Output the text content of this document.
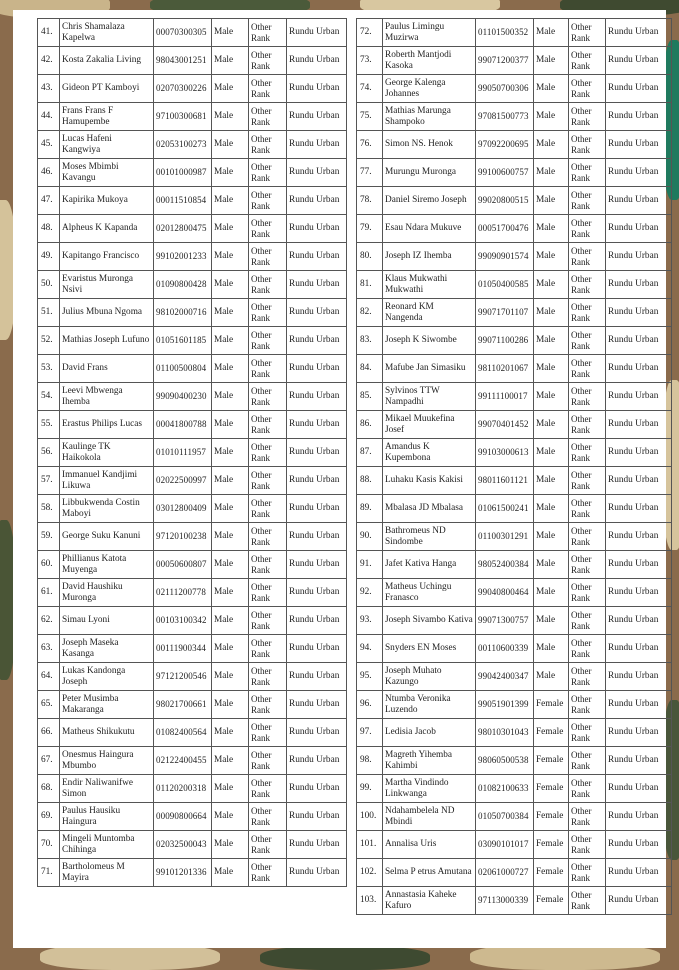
41.	Chris Shamalaza Kapelwa	00070300305	Male	Other Rank	Rundu Urban
42.	Kosta Zakalia Living	98043001251	Male	Other Rank	Rundu Urban
43.	Gideon PT Kamboyi	02070300226	Male	Other Rank	Rundu Urban
44.	Frans Frans F Hamupembe	97100300681	Male	Other Rank	Rundu Urban
45.	Lucas Hafeni Kangwiya	02053100273	Male	Other Rank	Rundu Urban
46.	Moses Mbimbi Kavangu	00101000987	Male	Other Rank	Rundu Urban
47.	Kapirika Mukoya	00011510854	Male	Other Rank	Rundu Urban
48.	Alpheus K Kapanda	02012800475	Male	Other Rank	Rundu Urban
49.	Kapitango Francisco	99102001233	Male	Other Rank	Rundu Urban
50.	Evaristus Muronga Nsivi	01090800428	Male	Other Rank	Rundu Urban
51.	Julius Mbuna Ngoma	98102000716	Male	Other Rank	Rundu Urban
52.	Mathias Joseph Lufuno	01051601185	Male	Other Rank	Rundu Urban
53.	David Frans	01100500804	Male	Other Rank	Rundu Urban
54.	Leevi Mbwenga Ihemba	99090400230	Male	Other Rank	Rundu Urban
55.	Erastus Philips Lucas	00041800788	Male	Other Rank	Rundu Urban
56.	Kaulinge TK Haikokola	01010111957	Male	Other Rank	Rundu Urban
57.	Immanuel Kandjimi Likuwa	02022500997	Male	Other Rank	Rundu Urban
58.	Libbukwenda Costin Maboyi	03012800409	Male	Other Rank	Rundu Urban
59.	George Suku Kanuni	97120100238	Male	Other Rank	Rundu Urban
60.	Phillianus Katota Muyenga	00050600807	Male	Other Rank	Rundu Urban
61.	David Haushiku Muronga	02111200778	Male	Other Rank	Rundu Urban
62.	Simau Lyoni	00103100342	Male	Other Rank	Rundu Urban
63.	Joseph Maseka Kasanga	00111900344	Male	Other Rank	Rundu Urban
64.	Lukas Kandonga Joseph	97121200546	Male	Other Rank	Rundu Urban
65.	Peter Musimba Makaranga	98021700661	Male	Other Rank	Rundu Urban
66.	Matheus Shikukutu	01082400564	Male	Other Rank	Rundu Urban
67.	Onesmus Haingura Mbumbo	02122400455	Male	Other Rank	Rundu Urban
68.	Endir Naliwanifwe Simon	01120200318	Male	Other Rank	Rundu Urban
69.	Paulus Hausiku Haingura	00090800664	Male	Other Rank	Rundu Urban
70.	Mingeli Muntomba Chihinga	02032500043	Male	Other Rank	Rundu Urban
71.	Bartholomeus M Mayira	99101201336	Male	Other Rank	Rundu Urban
72.	Paulus Limingu Muzirwa	01101500352	Male	Other Rank	Rundu Urban
73.	Roberth Mantjodi Kasoka	99071200377	Male	Other Rank	Rundu Urban
74.	George Kalenga Johannes	99050700306	Male	Other Rank	Rundu Urban
75.	Mathias Marunga Shampoko	97081500773	Male	Other Rank	Rundu Urban
76.	Simon NS. Henok	97092200695	Male	Other Rank	Rundu Urban
77.	Murungu Muronga	99100600757	Male	Other Rank	Rundu Urban
78.	Daniel Siremo Joseph	99020800515	Male	Other Rank	Rundu Urban
79.	Esau Ndara Mukuve	00051700476	Male	Other Rank	Rundu Urban
80.	Joseph IZ Ihemba	99090901574	Male	Other Rank	Rundu Urban
81.	Klaus Mukwathi Mukwathi	01050400585	Male	Other Rank	Rundu Urban
82.	Reonard KM Nangenda	99071701107	Male	Other Rank	Rundu Urban
83.	Joseph K Siwombe	99071100286	Male	Other Rank	Rundu Urban
84.	Mafube Jan Simasiku	98110201067	Male	Other Rank	Rundu Urban
85.	Sylvinos TTW Nampadhi	99111100017	Male	Other Rank	Rundu Urban
86.	Mikael Muukefina Josef	99070401452	Male	Other Rank	Rundu Urban
87.	Amandus K Kupembona	99103000613	Male	Other Rank	Rundu Urban
88.	Luhaku Kasis Kakisi	98011601121	Male	Other Rank	Rundu Urban
89.	Mbalasa JD Mbalasa	01061500241	Male	Other Rank	Rundu Urban
90.	Bathromeus ND Sindombe	01100301291	Male	Other Rank	Rundu Urban
91.	Jafet Kativa Hanga	98052400384	Male	Other Rank	Rundu Urban
92.	Matheus Uchingu Franasco	99040800464	Male	Other Rank	Rundu Urban
93.	Joseph Sivambo Kativa	99071300757	Male	Other Rank	Rundu Urban
94.	Snyders EN Moses	00110600339	Male	Other Rank	Rundu Urban
95.	Joseph Muhato Kazungo	99042400347	Male	Other Rank	Rundu Urban
96.	Ntumba Veronika Luzendo	99051901399	Female	Other Rank	Rundu Urban
97.	Ledisia Jacob	98010301043	Female	Other Rank	Rundu Urban
98.	Magreth Yihemba Kahimbi	98060500538	Female	Other Rank	Rundu Urban
99.	Martha Vindindo Linkwanga	01082100633	Female	Other Rank	Rundu Urban
100.	Ndahambelela ND Mbindi	01050700384	Female	Other Rank	Rundu Urban
101.	Annalisa Uris	03090101017	Female	Other Rank	Rundu Urban
102.	Selma P etrus Amutana	02061000727	Female	Other Rank	Rundu Urban
103.	Annastasia Kaheke Kafuro	97113000339	Female	Other Rank	Rundu Urban
